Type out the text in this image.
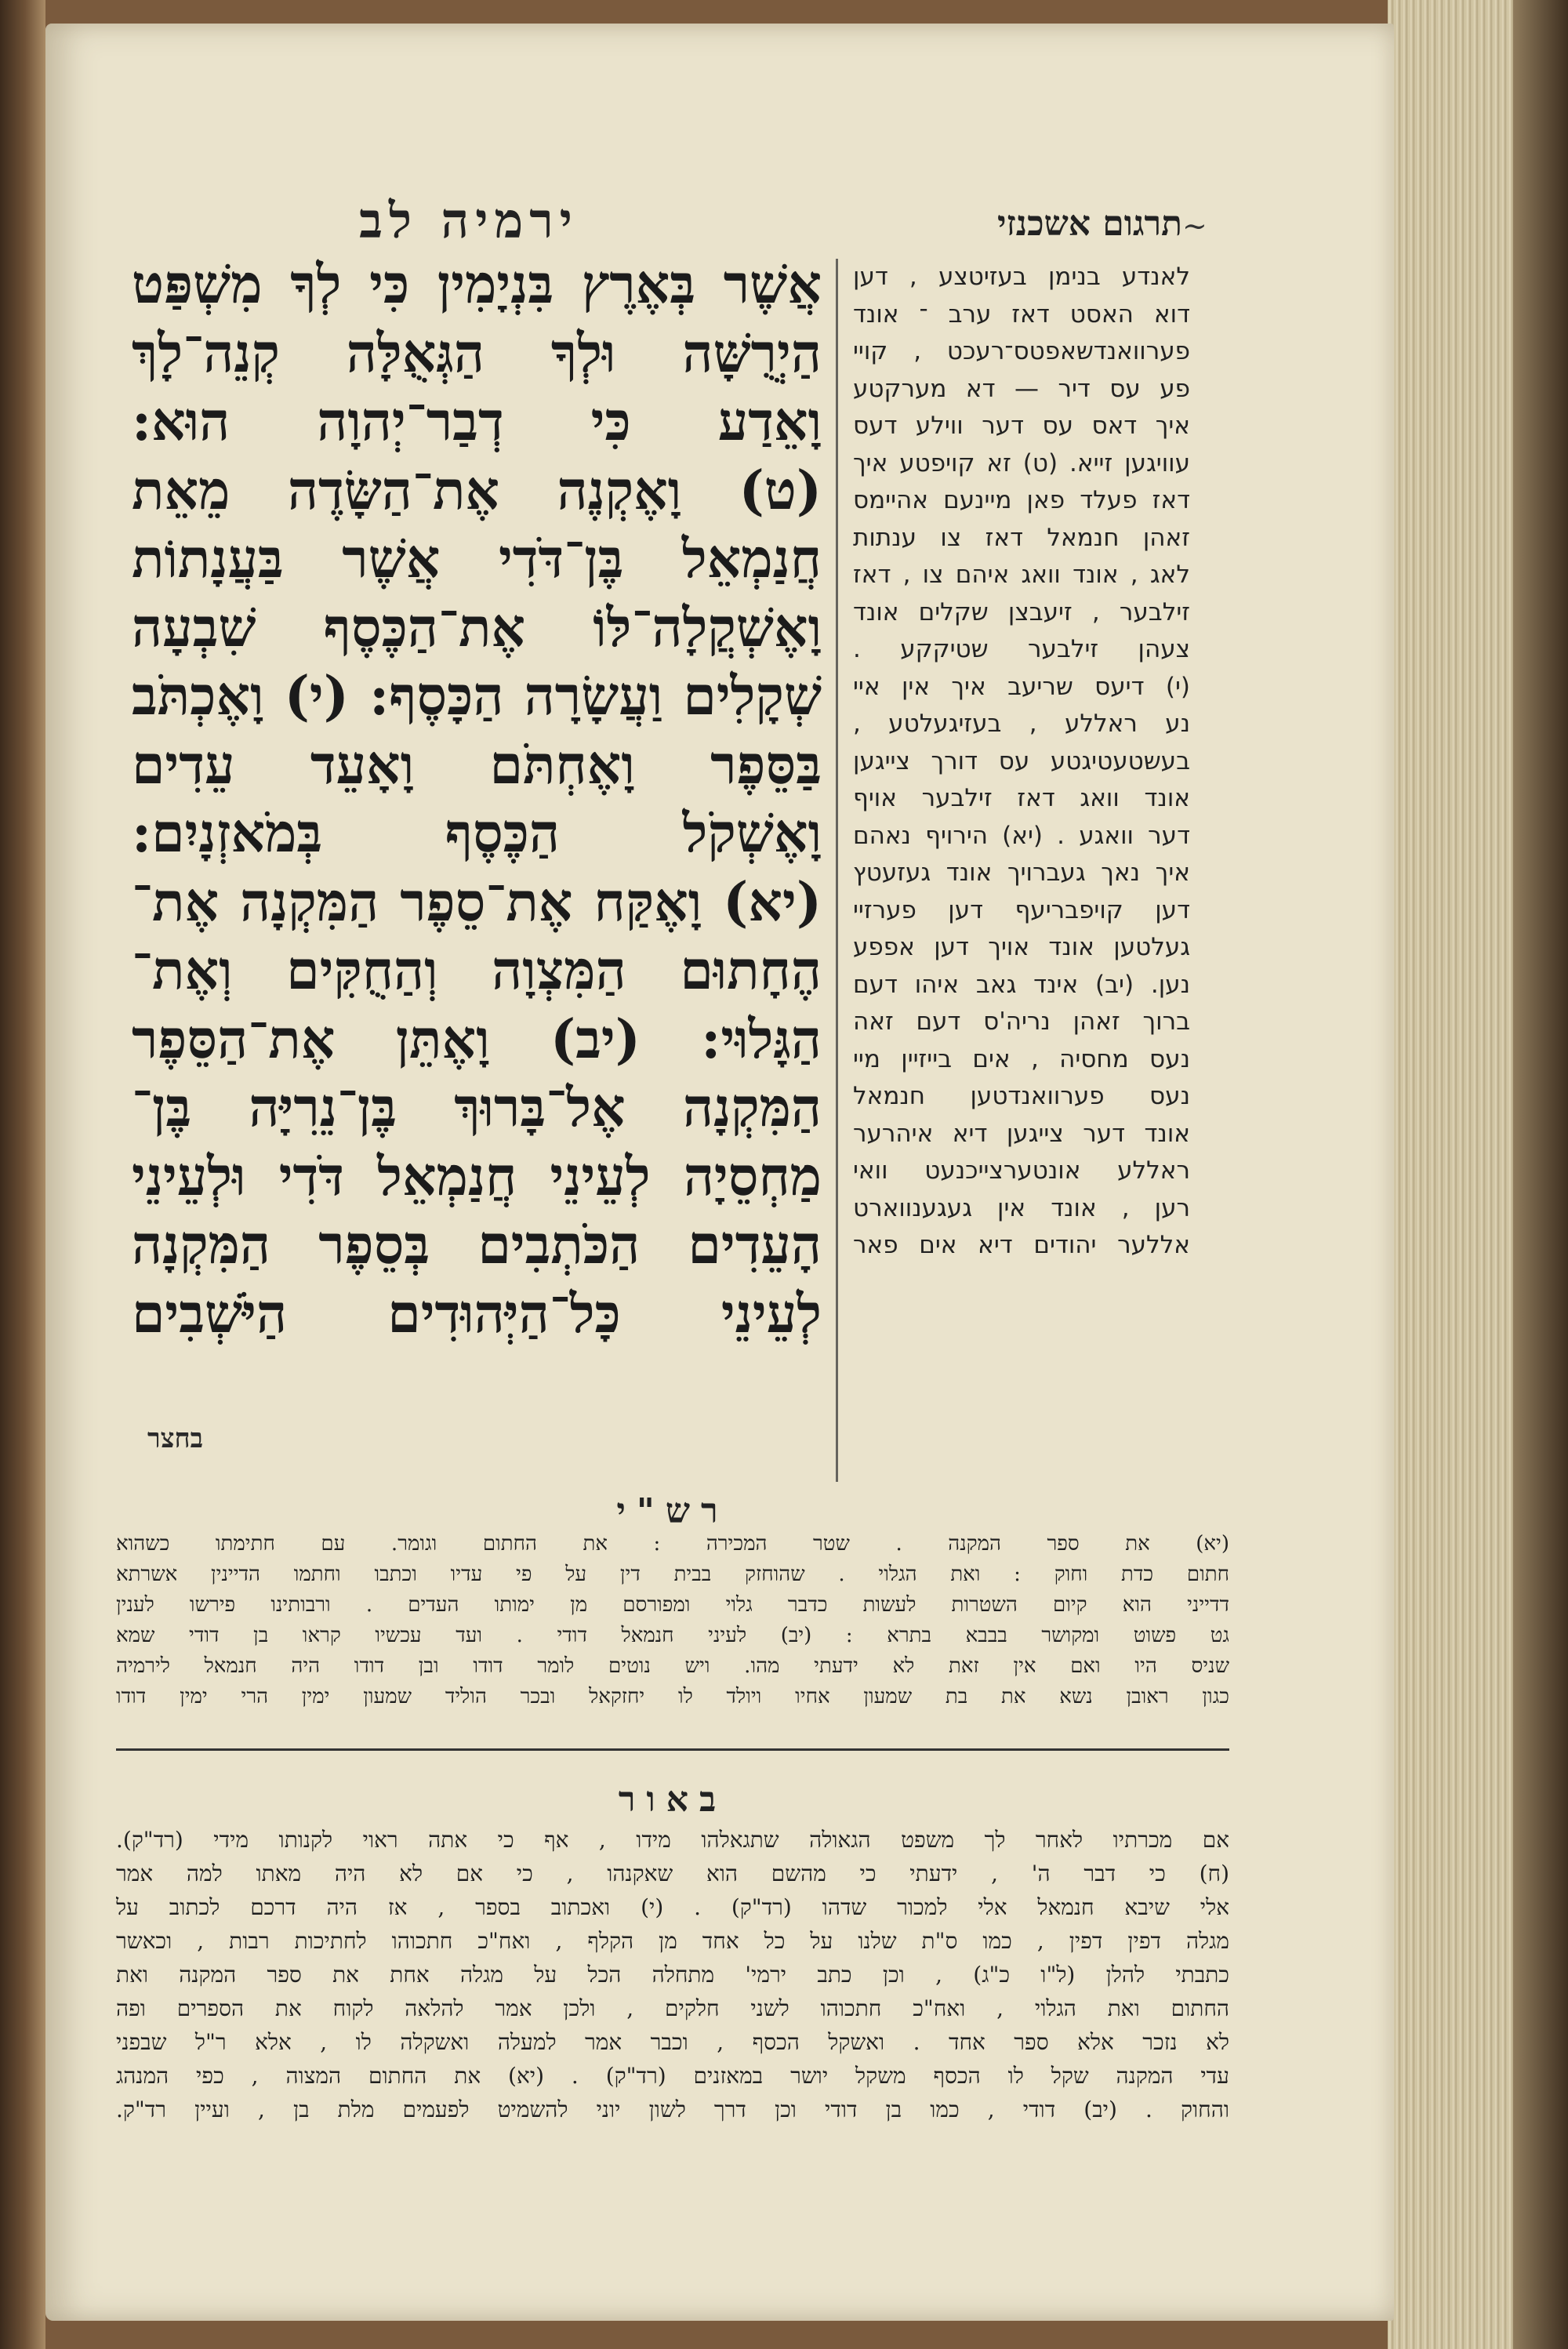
ירמיה לב	תרגום אשכנזי ~
אֲשֶׁר בְּאֶרֶץ בִּנְיָמִין כִּי לְךָ מִשְׁפַּט
הַיְרֻשָּׁה וּלְךָ הַגְּאֻלָּה קְנֵה־לָךְ
וָאֵדַע כִּי דְבַר־יְהוָה הוּא:
(ט) וָאֶקְנֶה אֶת־הַשָּׂדֶה מֵאֵת
חֲנַמְאֵל בֶּן־דֹּדִי אֲשֶׁר בַּעֲנָתוֹת
וָאֶשְׁקֲלָה־לּוֹ אֶת־הַכֶּסֶף שִׁבְעָה
שְׁקָלִים וַעֲשָׂרָה הַכָּסֶף: (י) וָאֶכְתֹּב
בַּסֵּפֶר וָאֶחְתֹּם וָאָעֵד עֵדִים
וָאֶשְׁקֹל הַכֶּסֶף בְּמֹאזְנָיִם:
(יא) וָאֶקַּח אֶת־סֵפֶר הַמִּקְנָה אֶת־
הֶחָתוּם הַמִּצְוָה וְהַחֻקִּים וְאֶת־
הַגָּלוּי: (יב) וָאֶתֵּן אֶת־הַסֵּפֶר
הַמִּקְנָה אֶל־בָּרוּךְ בֶּן־נֵרִיָּה בֶּן־
מַחְסֵיָה לְעֵינֵי חֲנַמְאֵל דֹּדִי וּלְעֵינֵי
הָעֵדִים הַכֹּתְבִים בְּסֵפֶר הַמִּקְנָה
לְעֵינֵי כָּל־הַיְּהוּדִים הַיֹּשְׁבִים
בחצר
לאנדע בנימן בעזיטצע , דען
דוא האסט דאז ערב ־ אונד
פערוואנדשאפטס־רעכט , קויי
פע עס דיר — דא מערקטע
איך דאס עס דער ווילע דעס
עוויגען זייא. (ט) זא קויפטע איך
דאז פעלד פאן מיינעם אהיימס
זאהן חנמאל דאז צו ענתות
לאג , אונד וואג איהם צו , דאז
זילבער , זיעבצן שקלים אונד
צעהן זילבער שטיקקע .
(י) דיעס שריעב איך אין איי
נע ראללע , בעזיגעלטע ,
בעשטעטיגטע עס דורך צייגען
אונד וואג דאז זילבער אויף
דער וואגע . (יא) הירויף נאהם
איך נאך געברויך אונד געזעטץ
דען קויפבריעף דען פערזיי
געלטען אונד אויך דען אפפע
נען. (יב) אינד גאב איהו דעם
ברוך זאהן נריה'ס דעם זאה
נעס מחסיה , אים בייזיין מיי
נעס פערוואנדטען חנמאל
אונד דער צייגען דיא איהרער
ראללע אונטערצייכנעט וואי
רען , אונד אין געגענווארט
אללער יהודים דיא אים פאר
רש"י
(יא) את ספר המקנה . שטר המכירה : את החתום וגומר. עם חתימתו כשהוא
חתום כדת וחוק : ואת הגלוי . שהוחזק בבית דין על פי עדיו וכתבו וחתמו הדיינין אשרתא
דדייני הוא קיום השטרות לעשות כדבר גלוי ומפורסם מן ימותו העדים . ורבותינו פירשו לענין
גט פשוט ומקושר בבבא בתרא : (יב) לעיני חנמאל דודי . ועד עכשיו קראו בן דודי שמא
שניס היו ואם אין זאת לא ידעתי מהו. ויש נוטים לומר דודו ובן דודו היה חנמאל לירמיה
כגון ראובן נשא את בת שמעון אחיו ויולד לו יחזקאל ובכר הוליד שמעון ימין הרי ימין דודו
באור
אם מכרתיו לאחר לך משפט הגאולה שתגאלהו מידו , אף כי אתה ראוי לקנותו מידי (רד"ק).
(ח) כי דבר ה' , ידעתי כי מהשם הוא שאקנהו , כי אם לא היה מאתו למה אמר
אלי שיבא חנמאל אלי למכור שדהו (רד"ק) . (י) ואכתוב בספר , אז היה דרכם לכתוב על
מגלה דפין דפין , כמו ס"ת שלנו על כל אחד מן הקלף , ואח"כ חתכוהו לחתיכות רבות , וכאשר
כתבתי להלן (ל"ו כ"ג) , וכן כתב ירמי' מתחלה הכל על מגלה אחת את ספר המקנה ואת
החתום ואת הגלוי , ואח"כ חתכוהו לשני חלקים , ולכן אמר להלאה לקוח את הספרים ופה
לא נזכר אלא ספר אחד . ואשקל הכסף , וכבר אמר למעלה ואשקלה לו , אלא ר"ל שבפני
עדי המקנה שקל לו הכסף משקל יושר במאזנים (רד"ק) . (יא) את החתום המצוה , כפי המנהג
והחוק . (יב) דודי , כמו בן דודי וכן דרך לשון יוני להשמיט לפעמים מלת בן , ועיין רד"ק.
